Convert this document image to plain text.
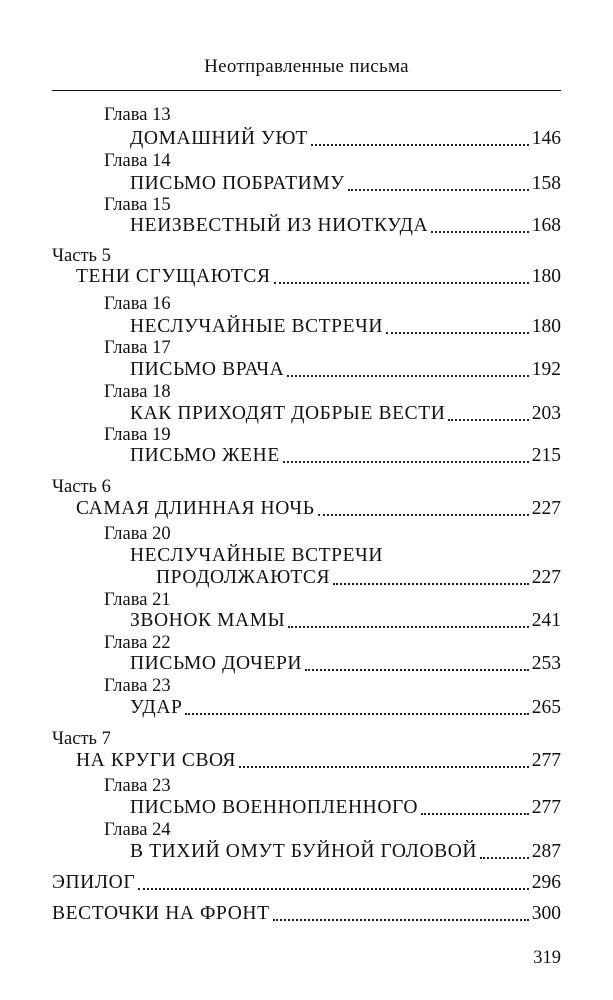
Неотправленные письма
Глава 13
ДОМАШНИЙ УЮТ	146
Глава 14
ПИСЬМО ПОБРАТИМУ	158
Глава 15
НЕИЗВЕСТНЫЙ ИЗ НИОТКУДА	168
Часть 5
ТЕНИ СГУЩАЮТСЯ	180
Глава 16
НЕСЛУЧАЙНЫЕ ВСТРЕЧИ	180
Глава 17
ПИСЬМО ВРАЧА	192
Глава 18
КАК ПРИХОДЯТ ДОБРЫЕ ВЕСТИ	203
Глава 19
ПИСЬМО ЖЕНЕ	215
Часть 6
САМАЯ ДЛИННАЯ НОЧЬ	227
Глава 20
НЕСЛУЧАЙНЫЕ ВСТРЕЧИ
ПРОДОЛЖАЮТСЯ	227
Глава 21
ЗВОНОК МАМЫ	241
Глава 22
ПИСЬМО ДОЧЕРИ	253
Глава 23
УДАР	265
Часть 7
НА КРУГИ СВОЯ	277
Глава 23
ПИСЬМО ВОЕННОПЛЕННОГО	277
Глава 24
В ТИХИЙ ОМУТ БУЙНОЙ ГОЛОВОЙ	287
ЭПИЛОГ	296
ВЕСТОЧКИ НА ФРОНТ	300
319
